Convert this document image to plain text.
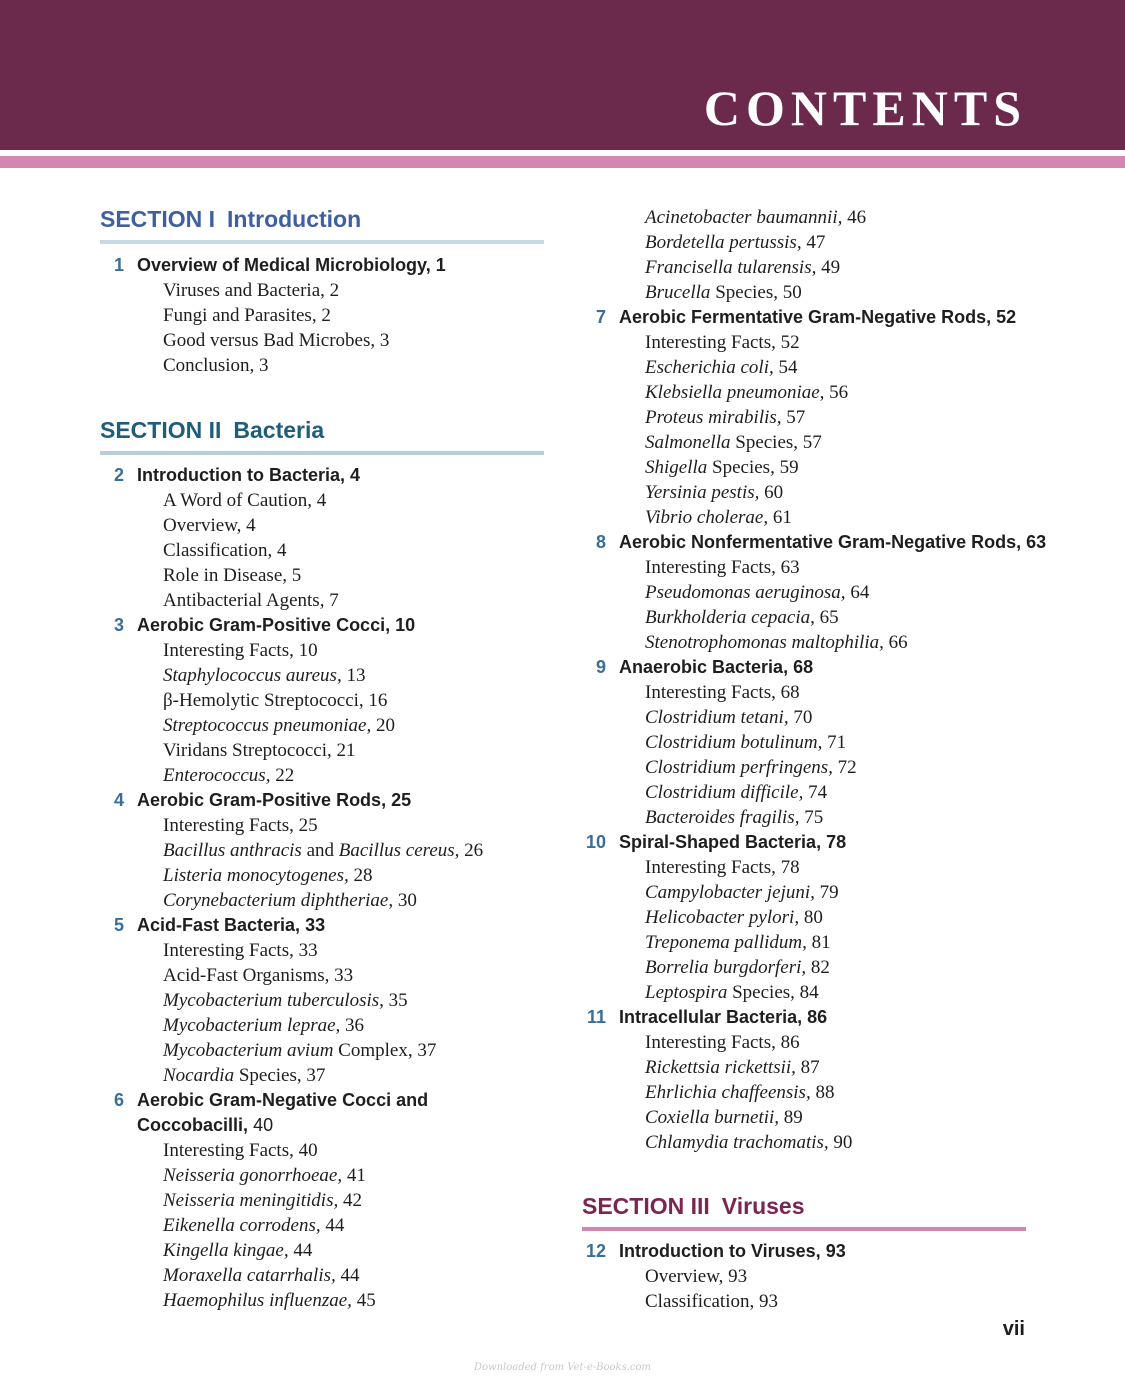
CONTENTS
SECTION I Introduction
SECTION II Bacteria
1 Overview of Medical Microbiology, 1
Viruses and Bacteria, 2
Fungi and Parasites, 2
Good versus Bad Microbes, 3
Conclusion, 3
2 Introduction to Bacteria, 4
A Word of Caution, 4
Overview, 4
Classification, 4
Role in Disease, 5
Antibacterial Agents, 7
3 Aerobic Gram-Positive Cocci, 10
Interesting Facts, 10
Staphylococcus aureus, 13
β-Hemolytic Streptococci, 16
Streptococcus pneumoniae, 20
Viridans Streptococci, 21
Enterococcus, 22
4 Aerobic Gram-Positive Rods, 25
Interesting Facts, 25
Bacillus anthracis and Bacillus cereus, 26
Listeria monocytogenes, 28
Corynebacterium diphtheriae, 30
5 Acid-Fast Bacteria, 33
Interesting Facts, 33
Acid-Fast Organisms, 33
Mycobacterium tuberculosis, 35
Mycobacterium leprae, 36
Mycobacterium avium Complex, 37
Nocardia Species, 37
6 Aerobic Gram-Negative Cocci and
Coccobacilli, 40
Interesting Facts, 40
Neisseria gonorrhoeae, 41
Neisseria meningitidis, 42
Eikenella corrodens, 44
Kingella kingae, 44
Moraxella catarrhalis, 44
Haemophilus influenzae, 45
SECTION III Viruses
Acinetobacter baumannii, 46
Bordetella pertussis, 47
Francisella tularensis, 49
Brucella Species, 50
7 Aerobic Fermentative Gram-Negative Rods, 52
Interesting Facts, 52
Escherichia coli, 54
Klebsiella pneumoniae, 56
Proteus mirabilis, 57
Salmonella Species, 57
Shigella Species, 59
Yersinia pestis, 60
Vibrio cholerae, 61
8 Aerobic Nonfermentative Gram-Negative Rods, 63
Interesting Facts, 63
Pseudomonas aeruginosa, 64
Burkholderia cepacia, 65
Stenotrophomonas maltophilia, 66
9 Anaerobic Bacteria, 68
Interesting Facts, 68
Clostridium tetani, 70
Clostridium botulinum, 71
Clostridium perfringens, 72
Clostridium difficile, 74
Bacteroides fragilis, 75
10 Spiral-Shaped Bacteria, 78
Interesting Facts, 78
Campylobacter jejuni, 79
Helicobacter pylori, 80
Treponema pallidum, 81
Borrelia burgdorferi, 82
Leptospira Species, 84
11 Intracellular Bacteria, 86
Interesting Facts, 86
Rickettsia rickettsii, 87
Ehrlichia chaffeensis, 88
Coxiella burnetii, 89
Chlamydia trachomatis, 90
12 Introduction to Viruses, 93
Overview, 93
Classification, 93
vii
Downloaded from Vet-e-Books.com
